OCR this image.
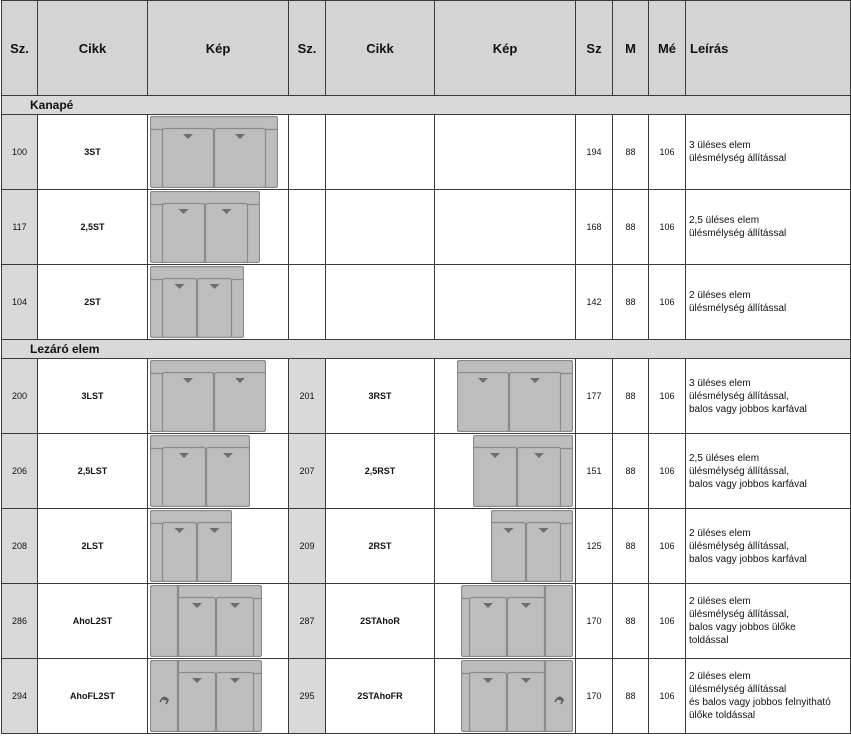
Sz.	Cikk	Kép	Sz.	Cikk	Kép	Sz	M	Mé	Leírás
Kanapé									
100	3ST					194	88	106	3 üléses elem
ülésmélység állítással

117	2,5ST					168	88	106	2,5 üléses elem
ülésmélység állítással

104	2ST					142	88	106	2 üléses elem
ülésmélység állítással

Lezáró elem									
200	3LST		201	3RST		177	88	106	3 üléses elem
ülésmélység állítással,
balos vagy jobbos karfával

206	2,5LST		207	2,5RST		151	88	106	2,5 üléses elem
ülésmélység állítással,
balos vagy jobbos karfával

208	2LST		209	2RST		125	88	106	2 üléses elem
ülésmélység állítással,
balos vagy jobbos karfával

286	AhoL2ST		287	2STAhoR		170	88	106	2 üléses elem
ülésmélység állítással,
balos vagy jobbos ülőke
toldással

294	AhoFL2ST		295	2STAhoFR		170	88	106	2 üléses elem
ülésmélység állítással
és balos vagy jobbos felnyitható
ülőke toldással
